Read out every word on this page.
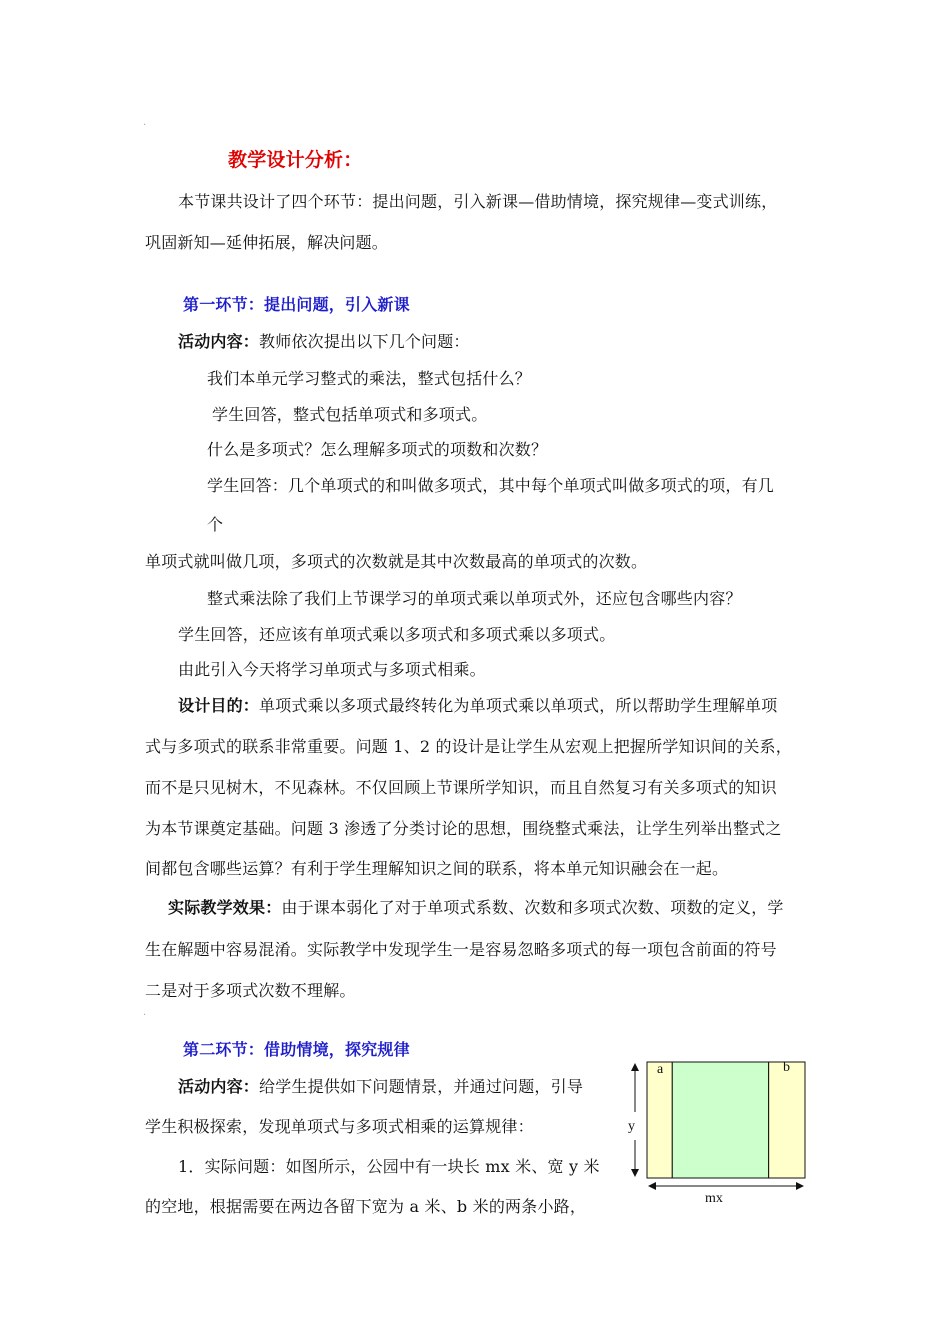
·
教学设计分析：
本节课共设计了四个环节：提出问题，引入新课—借助情境，探究规律—变式训练，
巩固新知—延伸拓展，解决问题。
第一环节：提出问题，引入新课
活动内容：教师依次提出以下几个问题：
我们本单元学习整式的乘法，整式包括什么？
学生回答，整式包括单项式和多项式。
什么是多项式？怎么理解多项式的项数和次数？
学生回答：几个单项式的和叫做多项式，其中每个单项式叫做多项式的项，有几
个
单项式就叫做几项，多项式的次数就是其中次数最高的单项式的次数。
整式乘法除了我们上节课学习的单项式乘以单项式外，还应包含哪些内容？
学生回答，还应该有单项式乘以多项式和多项式乘以多项式。
由此引入今天将学习单项式与多项式相乘。
设计目的：单项式乘以多项式最终转化为单项式乘以单项式，所以帮助学生理解单项
式与多项式的联系非常重要。问题 1、2 的设计是让学生从宏观上把握所学知识间的关系，
而不是只见树木，不见森林。不仅回顾上节课所学知识，而且自然复习有关多项式的知识
为本节课奠定基础。问题 3 渗透了分类讨论的思想，围绕整式乘法，让学生列举出整式之
间都包含哪些运算？有利于学生理解知识之间的联系，将本单元知识融会在一起。
实际教学效果：由于课本弱化了对于单项式系数、次数和多项式次数、项数的定义，学
生在解题中容易混淆。实际教学中发现学生一是容易忽略多项式的每一项包含前面的符号
二是对于多项式次数不理解。
·
第二环节：借助情境，探究规律
活动内容：给学生提供如下问题情景，并通过问题，引导
学生积极探索，发现单项式与多项式相乘的运算规律：
1．实际问题：如图所示，公园中有一块长 mx 米、宽 y 米
的空地，根据需要在两边各留下宽为 a 米、b 米的两条小路，
y
mx
a	b
